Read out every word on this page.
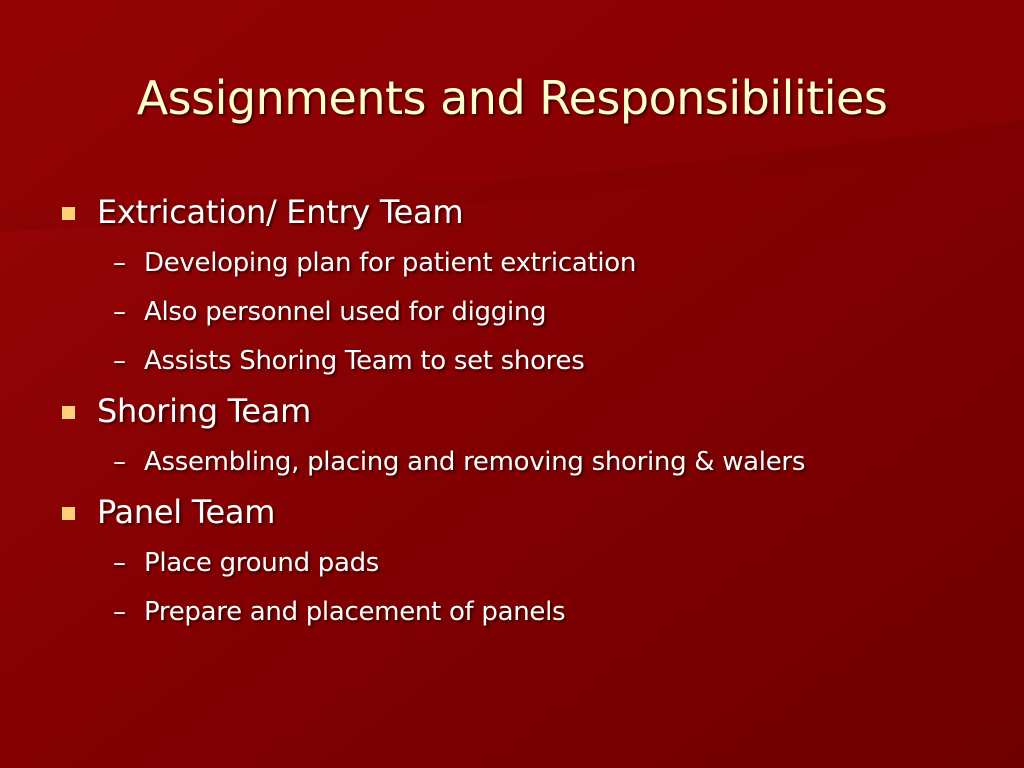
Assignments and Responsibilities
Extrication/ Entry Team
– Developing plan for patient extrication
– Also personnel used for digging
– Assists Shoring Team to set shores
Shoring Team
– Assembling, placing and removing shoring & walers
Panel Team
– Place ground pads
– Prepare and placement of panels
